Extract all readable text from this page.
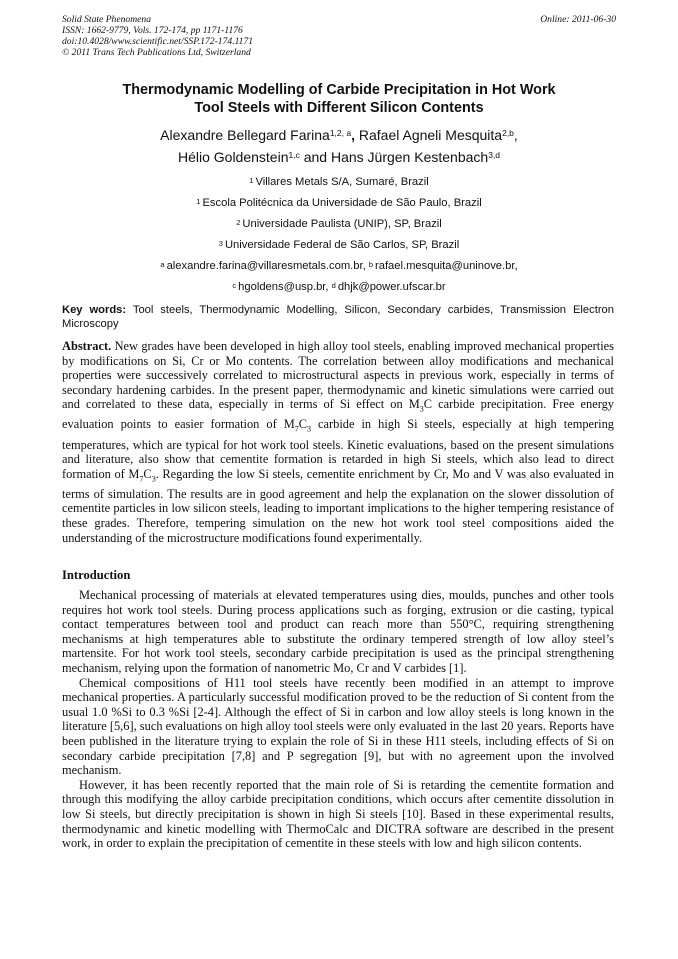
Solid State Phenomena
ISSN: 1662-9779, Vols. 172-174, pp 1171-1176
doi:10.4028/www.scientific.net/SSP.172-174.1171
© 2011 Trans Tech Publications Ltd, Switzerland
Online: 2011-06-30
Thermodynamic Modelling of Carbide Precipitation in Hot Work
Tool Steels with Different Silicon Contents
Alexandre Bellegard Farina$^{1,2, a}$, Rafael Agneli Mesquita$^{2,b}$,
Hélio Goldenstein$^{1,c}$ and Hans Jürgen Kestenbach$^{3,d}$
$^1$ Villares Metals S/A, Sumaré, Brazil
$^1$ Escola Politécnica da Universidade de São Paulo, Brazil
$^2$ Universidade Paulista (UNIP), SP, Brazil
$^3$ Universidade Federal de São Carlos, SP, Brazil
$^a$ alexandre.farina@villaresmetals.com.br, $^b$ rafael.mesquita@uninove.br,
$^c$ hgoldens@usp.br, $^d$ dhjk@power.ufscar.br
Key words: Tool steels, Thermodynamic Modelling, Silicon, Secondary carbides, Transmission Electron Microscopy
Abstract. New grades have been developed in high alloy tool steels, enabling improved mechanical properties by modifications on Si, Cr or Mo contents. The correlation between alloy modifications and mechanical properties were successively correlated to microstructural aspects in previous work, especially in terms of secondary hardening carbides. In the present paper, thermodynamic and kinetic simulations were carried out and correlated to these data, especially in terms of Si effect on $M_3C$ carbide precipitation. Free energy evaluation points to easier formation of $M_7C_3$ carbide in high Si steels, especially at high tempering temperatures, which are typical for hot work tool steels. Kinetic evaluations, based on the present simulations and literature, also show that cementite formation is retarded in high Si steels, which also lead to direct formation of $M_7C_3$. Regarding the low Si steels, cementite enrichment by Cr, Mo and V was also evaluated in terms of simulation. The results are in good agreement and help the explanation on the slower dissolution of cementite particles in low silicon steels, leading to important implications to the higher tempering resistance of these grades. Therefore, tempering simulation on the new hot work tool steel compositions aided the understanding of the microstructure modifications found experimentally.
Introduction

Mechanical processing of materials at elevated temperatures using dies, moulds, punches and other tools requires hot work tool steels. During process applications such as forging, extrusion or die casting, typical contact temperatures between tool and product can reach more than 550°C, requiring strengthening mechanisms at high temperatures able to substitute the ordinary tempered strength of low alloy steel’s martensite. For hot work tool steels, secondary carbide precipitation is used as the principal strengthening mechanism, relying upon the formation of nanometric Mo, Cr and V carbides [1].

Chemical compositions of H11 tool steels have recently been modified in an attempt to improve mechanical properties. A particularly successful modification proved to be the reduction of Si content from the usual 1.0 %Si to 0.3 %Si [2-4]. Although the effect of Si in carbon and low alloy steels is long known in the literature [5,6], such evaluations on high alloy tool steels were only evaluated in the last 20 years. Reports have been published in the literature trying to explain the role of Si in these H11 steels, including effects of Si on secondary carbide precipitation [7,8] and P segregation [9], but with no agreement upon the involved mechanism.

However, it has been recently reported that the main role of Si is retarding the cementite formation and through this modifying the alloy carbide precipitation conditions, which occurs after cementite dissolution in low Si steels, but directly precipitation is shown in high Si steels [10]. Based in these experimental results, thermodynamic and kinetic modelling with ThermoCalc and DICTRA software are described in the present work, in order to explain the precipitation of cementite in these steels with low and high silicon contents.
